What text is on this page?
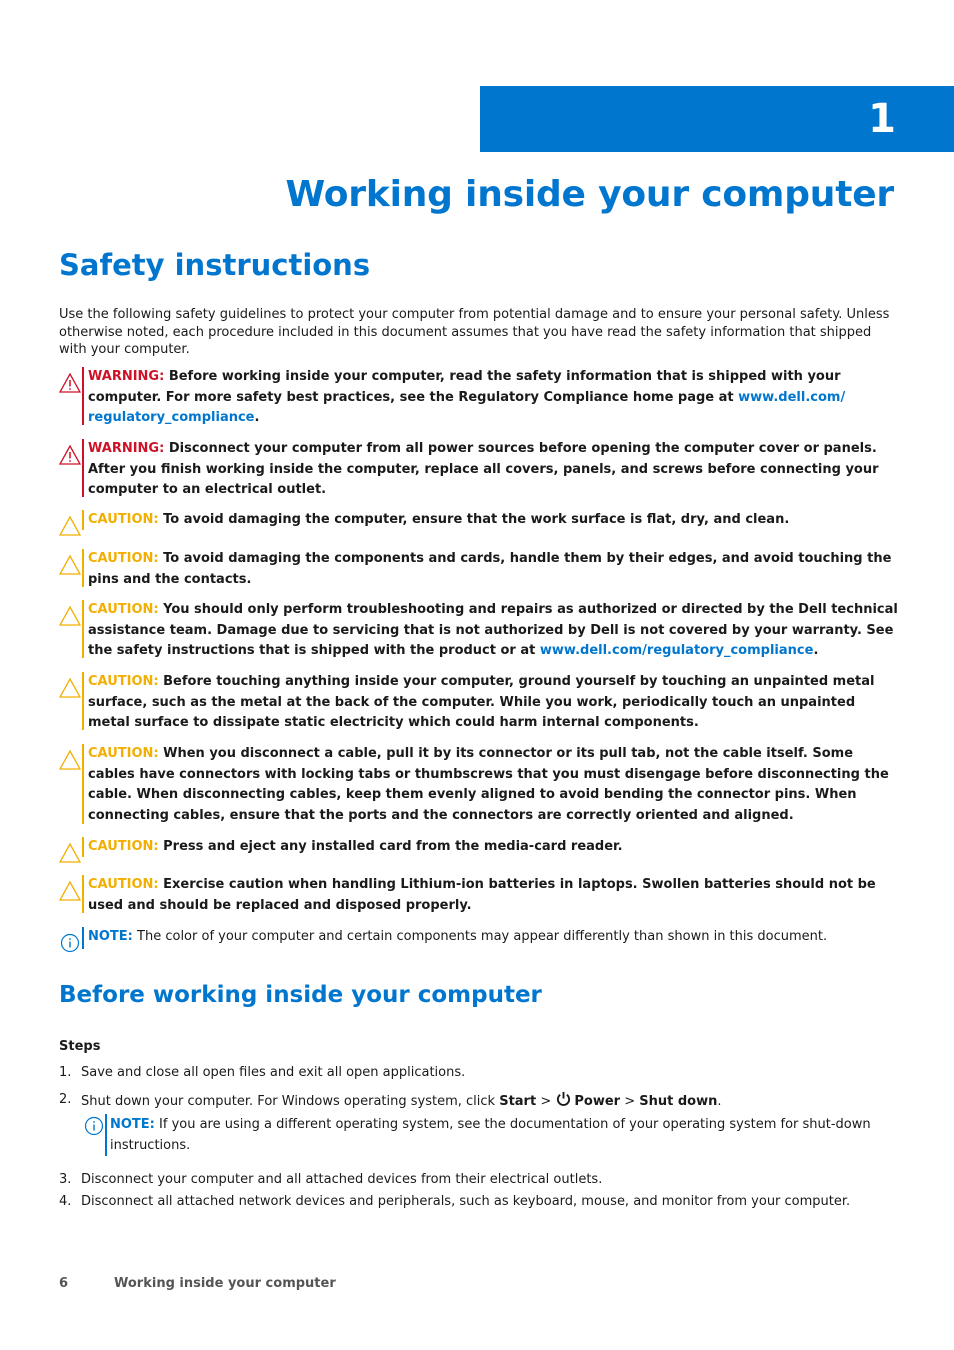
1
Working inside your computer
Safety instructions

Use the following safety guidelines to protect your computer from potential damage and to ensure your personal safety. Unless otherwise noted, each procedure included in this document assumes that you have read the safety information that shipped with your computer.

WARNING: Before working inside your computer, read the safety information that is shipped with your computer. For more safety best practices, see the Regulatory Compliance home page at www.dell.com/ regulatory_compliance.
WARNING: Disconnect your computer from all power sources before opening the computer cover or panels. After you finish working inside the computer, replace all covers, panels, and screws before connecting your computer to an electrical outlet.
CAUTION: To avoid damaging the computer, ensure that the work surface is flat, dry, and clean.
CAUTION: To avoid damaging the components and cards, handle them by their edges, and avoid touching the pins and the contacts.
CAUTION: You should only perform troubleshooting and repairs as authorized or directed by the Dell technical assistance team. Damage due to servicing that is not authorized by Dell is not covered by your warranty. See the safety instructions that is shipped with the product or at www.dell.com/regulatory_compliance.
CAUTION: Before touching anything inside your computer, ground yourself by touching an unpainted metal surface, such as the metal at the back of the computer. While you work, periodically touch an unpainted metal surface to dissipate static electricity which could harm internal components.
CAUTION: When you disconnect a cable, pull it by its connector or its pull tab, not the cable itself. Some cables have connectors with locking tabs or thumbscrews that you must disengage before disconnecting the cable. When disconnecting cables, keep them evenly aligned to avoid bending the connector pins. When connecting cables, ensure that the ports and the connectors are correctly oriented and aligned.
CAUTION: Press and eject any installed card from the media-card reader.
CAUTION: Exercise caution when handling Lithium-ion batteries in laptops. Swollen batteries should not be used and should be replaced and disposed properly.
NOTE: The color of your computer and certain components may appear differently than shown in this document.
Before working inside your computer

Steps

1. Save and close all open files and exit all open applications.
2. Shut down your computer. For Windows operating system, click Start > Power > Shut down.
NOTE: If you are using a different operating system, see the documentation of your operating system for shut-down instructions.
3. Disconnect your computer and all attached devices from their electrical outlets.
4. Disconnect all attached network devices and peripherals, such as keyboard, mouse, and monitor from your computer.
6	Working inside your computer
